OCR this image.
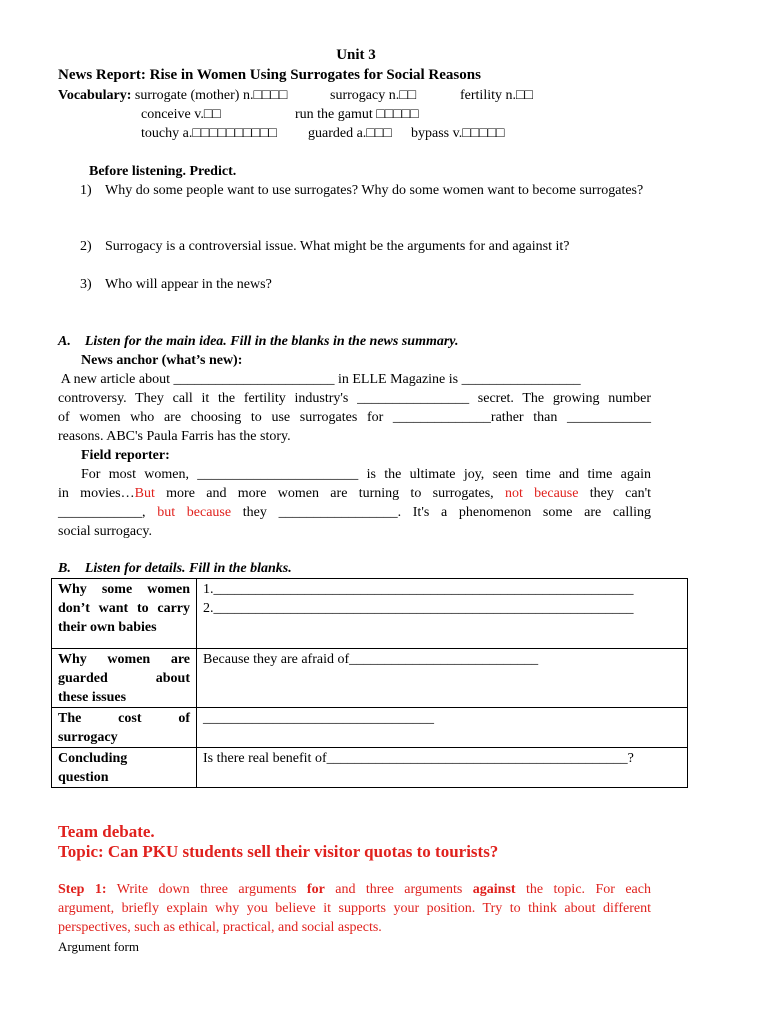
Unit 3
News Report: Rise in Women Using Surrogates for Social Reasons
Vocabulary: surrogate (mother) n.□□□□	surrogacy n.□□	fertility n.□□
conceive v.□□	run the gamut □□□□□
touchy a.□□□□□□□□□□ guarded a.□□□ bypass v.□□□□□
Before listening. Predict.
1) Why do some people want to use surrogates? Why do some women want to become surrogates?
2) Surrogacy is a controversial issue. What might be the arguments for and against it?
3) Who will appear in the news?
A. Listen for the main idea. Fill in the blanks in the news summary.
News anchor (what’s new):
A new article about _______________________ in ELLE Magazine is _________________
controversy. They call it the fertility industry's ________________ secret. The growing number
of women who are choosing to use surrogates for ______________rather than ____________
reasons. ABC's Paula Farris has the story.
Field reporter:
For most women, _______________________ is the ultimate joy, seen time and time again
in movies…But more and more women are turning to surrogates, not because they can't
____________, but because they _________________. It's a phenomenon some are calling
social surrogacy.
B. Listen for details. Fill in the blanks.
Why some women
don’t want to carry
their own babies	1.____________________________________________________________
2.____________________________________________________________

Why women are
guarded about
these issues	Because they are afraid of___________________________

The cost of
surrogacy	_________________________________

Concluding
question	Is there real benefit of___________________________________________?
Team debate.
Topic: Can PKU students sell their visitor quotas to tourists?
Step 1: Write down three arguments for and three arguments against the topic. For each
argument, briefly explain why you believe it supports your position. Try to think about different
perspectives, such as ethical, practical, and social aspects.
Argument form
